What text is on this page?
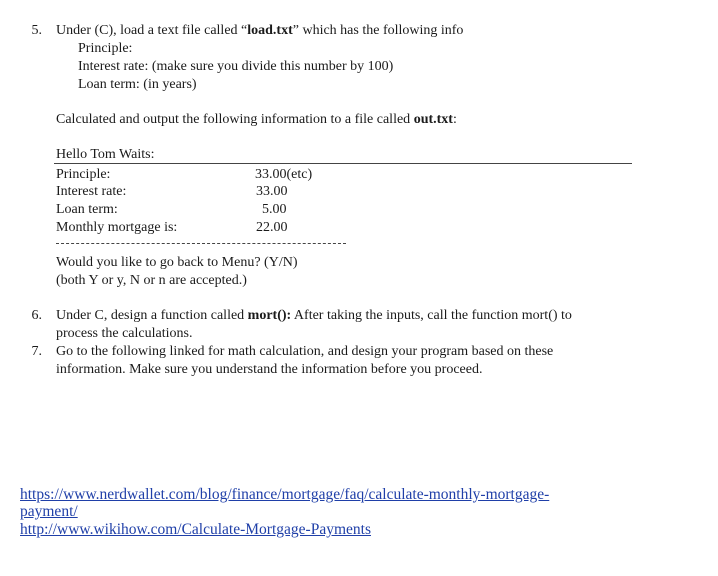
5. Under (C), load a text file called “load.txt” which has the following info
Principle:
Interest rate: (make sure you divide this number by 100)
Loan term: (in years)
Calculated and output the following information to a file called out.txt:
Hello Tom Waits:
Principle:	33.00(etc)
Interest rate:	33.00
Loan term:	5.00
Monthly mortgage is:	22.00
Would you like to go back to Menu? (Y/N)
(both Y or y, N or n are accepted.)
6. Under C, design a function called mort(): After taking the inputs, call the function mort() to
process the calculations.
7. Go to the following linked for math calculation, and design your program based on these
information. Make sure you understand the information before you proceed.
https://www.nerdwallet.com/blog/finance/mortgage/faq/calculate-monthly-mortgage-
payment/
http://www.wikihow.com/Calculate-Mortgage-Payments
